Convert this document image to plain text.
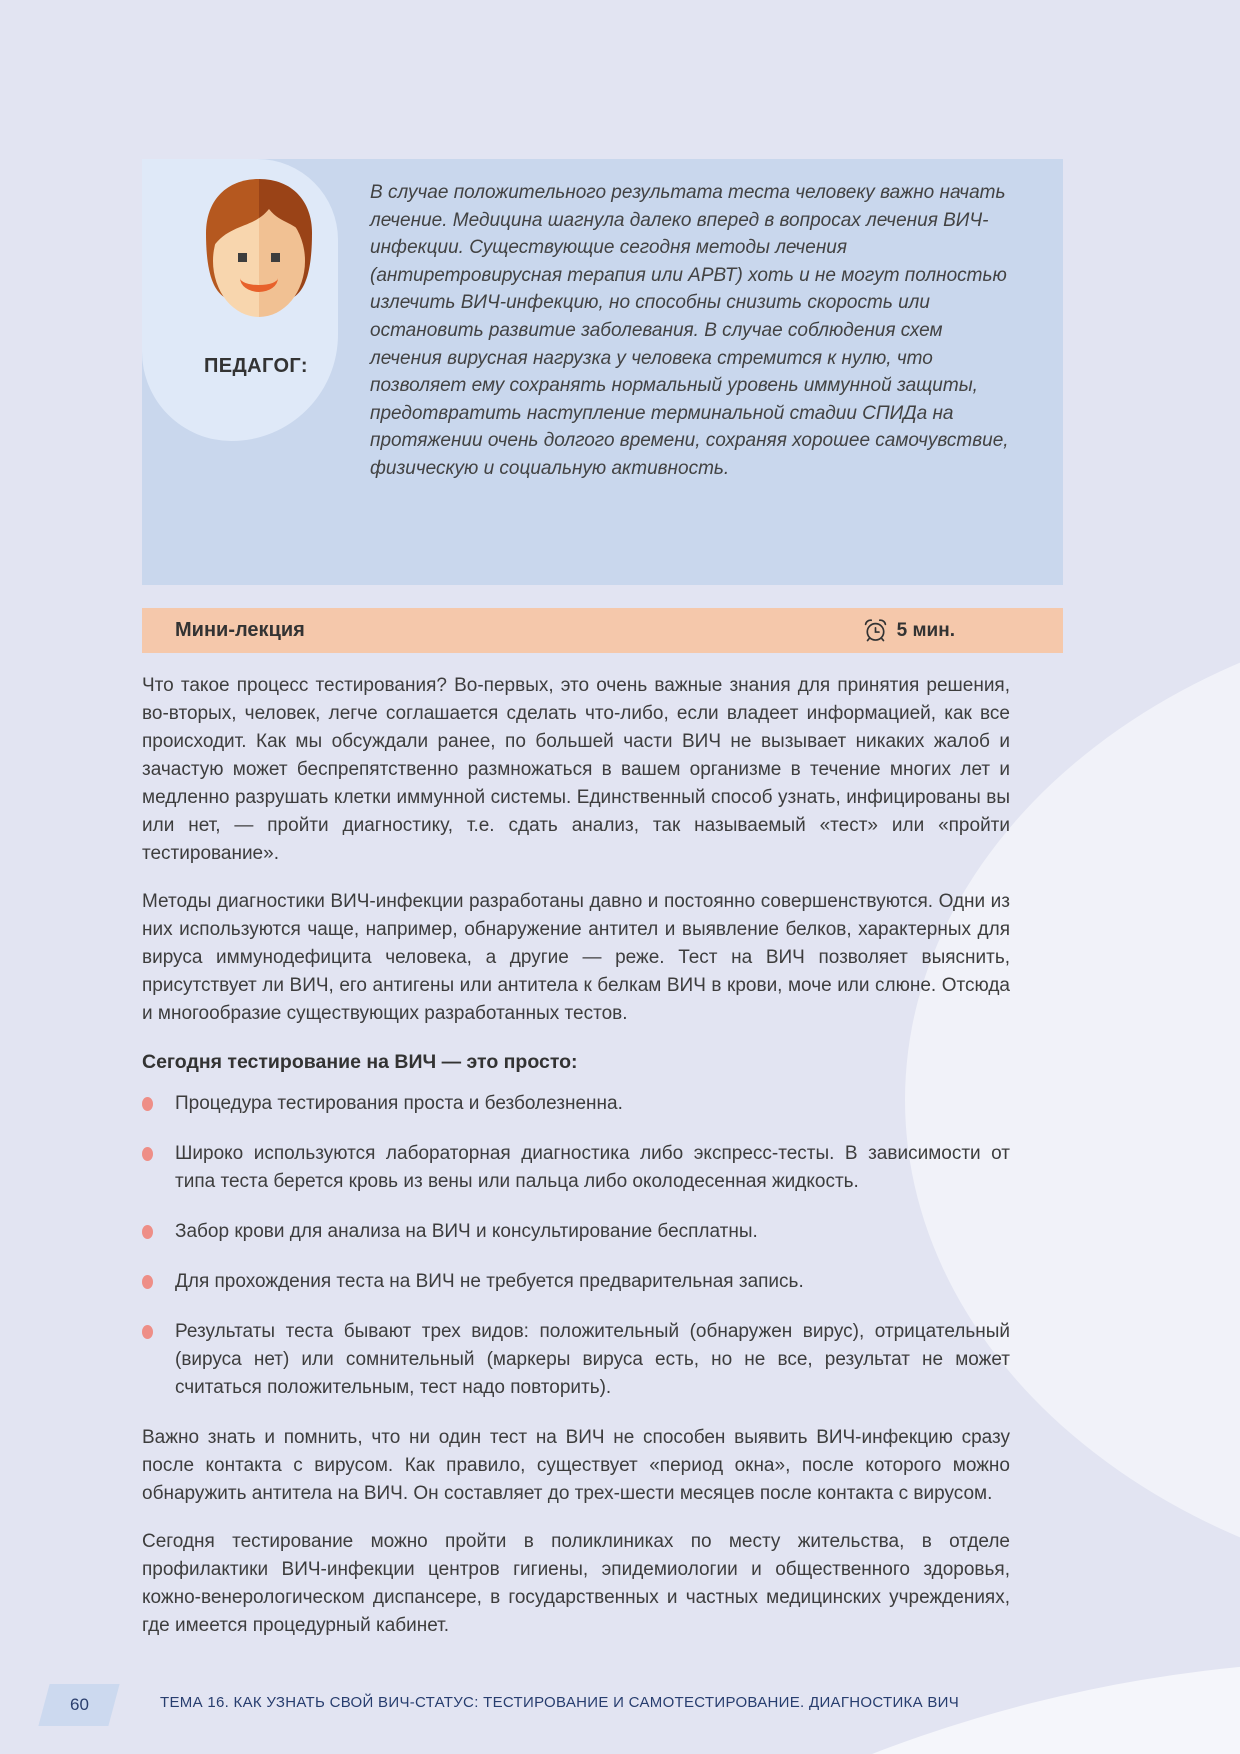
ПЕДАГОГ:
В случае положительного результата теста человеку важно начать лечение. Медицина шагнула далеко вперед в вопросах лечения ВИЧ-инфекции. Существующие сегодня методы лечения (антиретровирусная терапия или АРВТ) хоть и не могут полностью излечить ВИЧ-инфекцию, но способны снизить скорость или остановить развитие заболевания. В случае соблюдения схем лечения вирусная нагрузка у человека стремится к нулю, что позволяет ему сохранять нормальный уровень иммунной защиты, предотвратить наступление терминальной стадии СПИДа на протяжении очень долгого времени, сохраняя хорошее самочувствие, физическую и социальную активность.
Мини-лекция	5 мин.

Что такое процесс тестирования? Во-первых, это очень важные знания для принятия решения, во-вторых, человек, легче соглашается сделать что-либо, если владеет информацией, как все происходит. Как мы обсуждали ранее, по большей части ВИЧ не вызывает никаких жалоб и зачастую может беспрепятственно размножаться в вашем организме в течение многих лет и медленно разрушать клетки иммунной системы. Единственный способ узнать, инфицированы вы или нет, — пройти диагностику, т.е. сдать анализ, так называемый «тест» или «пройти тестирование».

Методы диагностики ВИЧ-инфекции разработаны давно и постоянно совершенствуются. Одни из них используются чаще, например, обнаружение антител и выявление белков, характерных для вируса иммунодефицита человека, а другие — реже. Тест на ВИЧ позволяет выяснить, присутствует ли ВИЧ, его антигены или антитела к белкам ВИЧ в крови, моче или слюне. Отсюда и многообразие существующих разработанных тестов.

Сегодня тестирование на ВИЧ — это просто:
Процедура тестирования проста и безболезненна.
Широко используются лабораторная диагностика либо экспресс-тесты. В зависимости от типа теста берется кровь из вены или пальца либо околодесенная жидкость.
Забор крови для анализа на ВИЧ и консультирование бесплатны.
Для прохождения теста на ВИЧ не требуется предварительная запись.
Результаты теста бывают трех видов: положительный (обнаружен вирус), отрицательный (вируса нет) или сомнительный (маркеры вируса есть, но не все, результат не может считаться положительным, тест надо повторить).

Важно знать и помнить, что ни один тест на ВИЧ не способен выявить ВИЧ-инфекцию сразу после контакта с вирусом. Как правило, существует «период окна», после которого можно обнаружить антитела на ВИЧ. Он составляет до трех-шести месяцев после контакта с вирусом.

Сегодня тестирование можно пройти в поликлиниках по месту жительства, в отделе профилактики ВИЧ-инфекции центров гигиены, эпидемиологии и общественного здоровья, кожно-венерологическом диспансере, в государственных и частных медицинских учреждениях, где имеется процедурный кабинет.

60	ТЕМА 16. КАК УЗНАТЬ СВОЙ ВИЧ-СТАТУС: ТЕСТИРОВАНИЕ И САМОТЕСТИРОВАНИЕ. ДИАГНОСТИКА ВИЧ
